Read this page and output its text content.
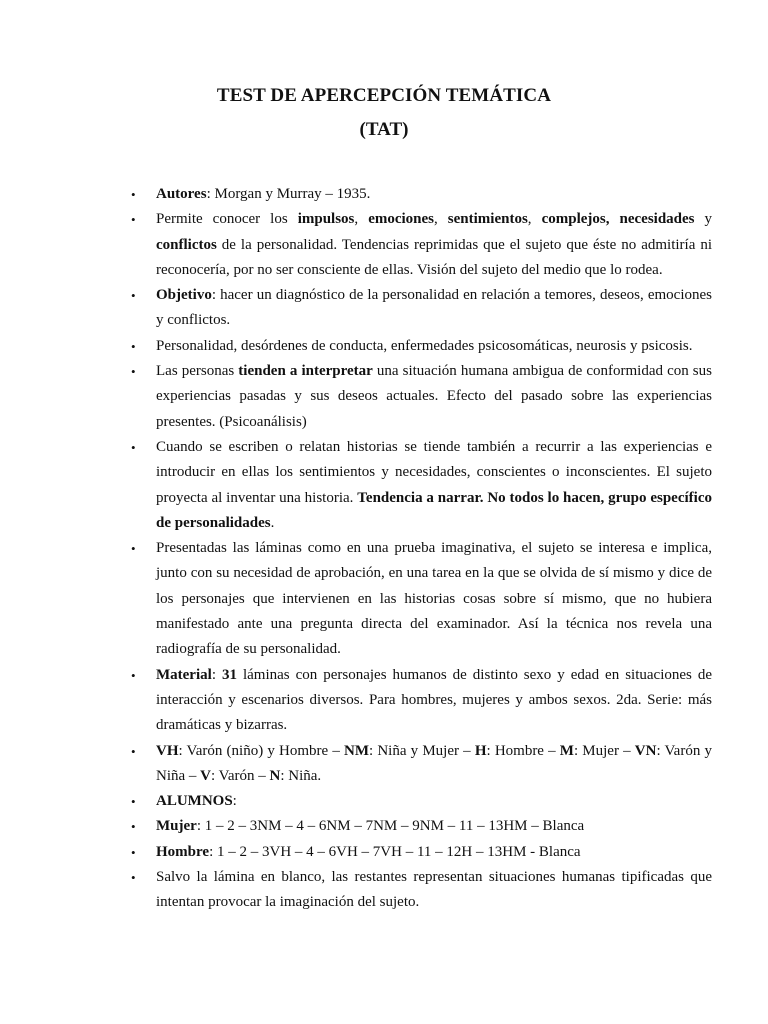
TEST DE APERCEPCIÓN TEMÁTICA
(TAT)
• Autores: Morgan y Murray – 1935.
• Permite conocer los impulsos, emociones, sentimientos, complejos, necesidades y conflictos de la personalidad. Tendencias reprimidas que el sujeto que éste no admitiría ni reconocería, por no ser consciente de ellas. Visión del sujeto del medio que lo rodea.
• Objetivo: hacer un diagnóstico de la personalidad en relación a temores, deseos, emociones y conflictos.
• Personalidad, desórdenes de conducta, enfermedades psicosomáticas, neurosis y psicosis.
• Las personas tienden a interpretar una situación humana ambigua de conformidad con sus experiencias pasadas y sus deseos actuales. Efecto del pasado sobre las experiencias presentes. (Psicoanálisis)
• Cuando se escriben o relatan historias se tiende también a recurrir a las experiencias e introducir en ellas los sentimientos y necesidades, conscientes o inconscientes. El sujeto proyecta al inventar una historia. Tendencia a narrar. No todos lo hacen, grupo específico de personalidades.
• Presentadas las láminas como en una prueba imaginativa, el sujeto se interesa e implica, junto con su necesidad de aprobación, en una tarea en la que se olvida de sí mismo y dice de los personajes que intervienen en las historias cosas sobre sí mismo, que no hubiera manifestado ante una pregunta directa del examinador. Así la técnica nos revela una radiografía de su personalidad.
• Material: 31 láminas con personajes humanos de distinto sexo y edad en situaciones de interacción y escenarios diversos. Para hombres, mujeres y ambos sexos. 2da. Serie: más dramáticas y bizarras.
• VH: Varón (niño) y Hombre – NM: Niña y Mujer – H: Hombre – M: Mujer – VN: Varón y Niña – V: Varón – N: Niña.
• ALUMNOS:
• Mujer: 1 – 2 – 3NM – 4 – 6NM – 7NM – 9NM – 11 – 13HM – Blanca
• Hombre: 1 – 2 – 3VH – 4 – 6VH – 7VH – 11 – 12H – 13HM - Blanca
• Salvo la lámina en blanco, las restantes representan situaciones humanas tipificadas que intentan provocar la imaginación del sujeto.
